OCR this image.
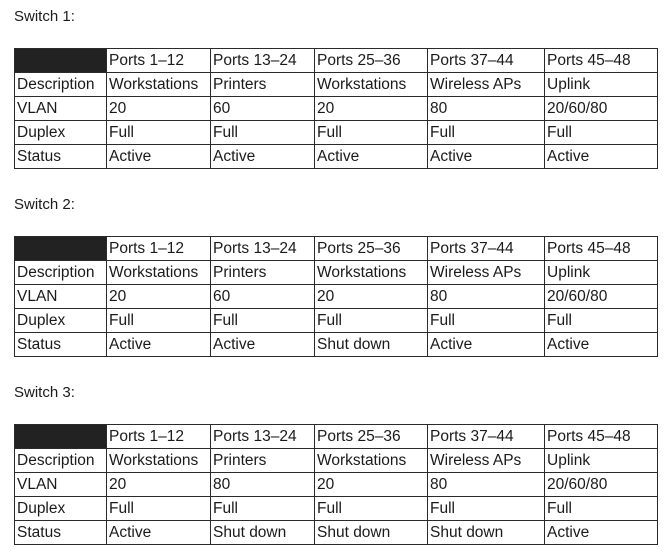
Switch 1:

	Ports 1–12	Ports 13–24	Ports 25–36	Ports 37–44	Ports 45–48
Description	Workstations	Printers	Workstations	Wireless APs	Uplink
VLAN	20	60	20	80	20/60/80
Duplex	Full	Full	Full	Full	Full
Status	Active	Active	Active	Active	Active

Switch 2:

	Ports 1–12	Ports 13–24	Ports 25–36	Ports 37–44	Ports 45–48
Description	Workstations	Printers	Workstations	Wireless APs	Uplink
VLAN	20	60	20	80	20/60/80
Duplex	Full	Full	Full	Full	Full
Status	Active	Active	Shut down	Active	Active

Switch 3:

	Ports 1–12	Ports 13–24	Ports 25–36	Ports 37–44	Ports 45–48
Description	Workstations	Printers	Workstations	Wireless APs	Uplink
VLAN	20	80	20	80	20/60/80
Duplex	Full	Full	Full	Full	Full
Status	Active	Shut down	Shut down	Shut down	Active
